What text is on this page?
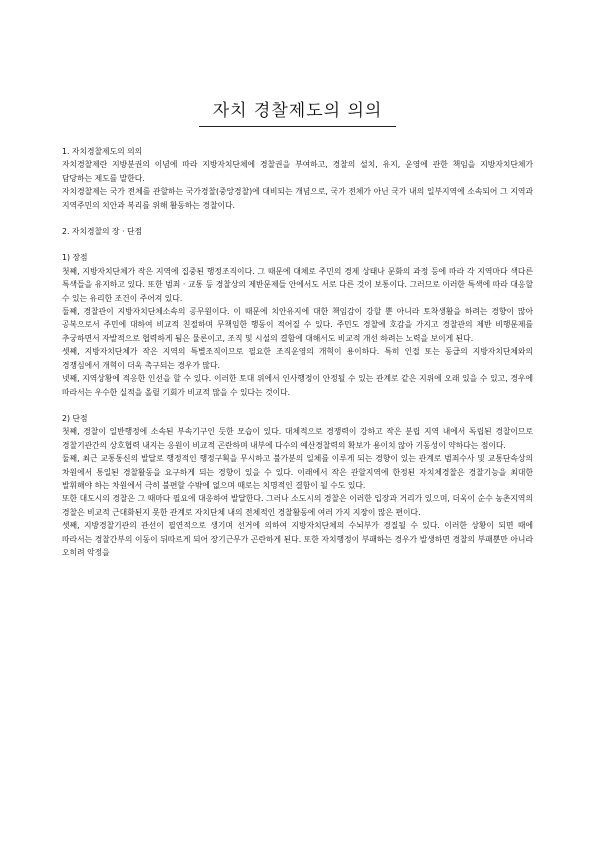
자치 경찰제도의 의의

1. 자치경찰제도의 의의

자치경찰제란 지방분권의 이념에 따라 지방자치단체에 경찰권을 부여하고, 경찰의 설치, 유지, 운영에 관한 책임을 지방자치단체가 담당하는 제도를 말한다.

자치경찰제는 국가 전체를 관할하는 국가경찰(중앙경찰)에 대비되는 개념으로, 국가 전체가 아닌 국가 내의 일부지역에 소속되어 그 지역과 지역주민의 치안과 복리를 위해 활동하는 경찰이다.

2. 자치경찰의 장 · 단점

1) 장점

첫째, 지방자치단체가 작은 지역에 집중된 행정조직이다. 그 때문에 대체로 주민의 경제 상태나 문화의 과정 등에 따라 각 지역마다 색다른 특색들을 유지하고 있다. 또한 범죄 · 교통 등 경찰상의 제반문제들 안에서도 서로 다른 것이 보통이다. 그러므로 이러한 특색에 따라 대응할 수 있는 유리한 조건이 주어져 있다.

둘째, 경찰관이 지방자치단체소속의 공무원이다. 이 때문에 치안유지에 대한 책임감이 강할 뿐 아니라 토착생활을 하려는 경향이 많아 공복으로서 주민에 대하여 비교적 친절하며 무책임한 행동이 적어질 수 있다. 주민도 경찰에 호감을 가지고 경찰관의 제반 비행문제를 추궁하면서 자발적으로 협력하게 됨은 물론이고, 조직 및 시설의 결함에 대해서도 비교적 개선 하려는 노력을 보이게 된다.

셋째, 지방자치단체가 작은 지역의 특별조직이므로 필요한 조직운영의 개혁이 용이하다. 특히 인접 또는 동급의 지방자치단체와의 경쟁심에서 개혁이 더욱 촉구되는 경우가 많다.

넷째, 지역상황에 적응한 인선을 할 수 있다. 이러한 토대 위에서 인사행정이 안정될 수 있는 관계로 같은 지위에 오래 있을 수 있고, 경우에 따라서는 우수한 실적을 올릴 기회가 비교적 많을 수 있다는 것이다.

2) 단점

첫째, 경찰이 일반행정에 소속된 부속기구인 듯한 모습이 있다. 대체적으로 경쟁력이 강하고 작은 분립 지역 내에서 독립된 경찰이므로 경찰기관간의 상호협력 내지는 응원이 비교적 곤란하며 내부에 다수의 예산경찰력의 확보가 용이치 않아 기동성이 약하다는 점이다.

둘째, 최근 교통통신의 발달로 행정적인 행정구획을 무시하고 불가분의 일체를 이루게 되는 경향이 있는 관계로 범죄수사 및 교통단속상의 차원에서 통일된 경찰활동을 요구하게 되는 경향이 있을 수 있다. 이래에서 작은 관할지역에 한정된 자치체경찰은 경찰기능을 최대한 발휘해야 하는 차원에서 극히 불편할 수밖에 없으며 때로는 치명적인 결함이 될 수도 있다.

또한 대도시의 경찰은 그 때마다 필요에 대응하여 발달한다. 그러나 소도시의 경찰은 이러한 입장과 거리가 있으며, 더욱이 순수 농촌지역의 경찰은 비교적 근대화된지 못한 관계로 자치단체 내의 전체적인 경찰활동에 여러 가지 지장이 많은 편이다.

셋째, 지방경찰기관의 관선이 필연적으로 생기며 선거에 의하여 지방자치단체의 수뇌부가 경질될 수 있다. 이러한 상황이 되면 때에 따라서는 경찰간부의 이동이 뒤따르게 되어 장기근무가 곤란하게 된다. 또한 자치행정이 부패하는 경우가 발생하면 경찰의 부패뿐만 아니라 오히려 악정을
